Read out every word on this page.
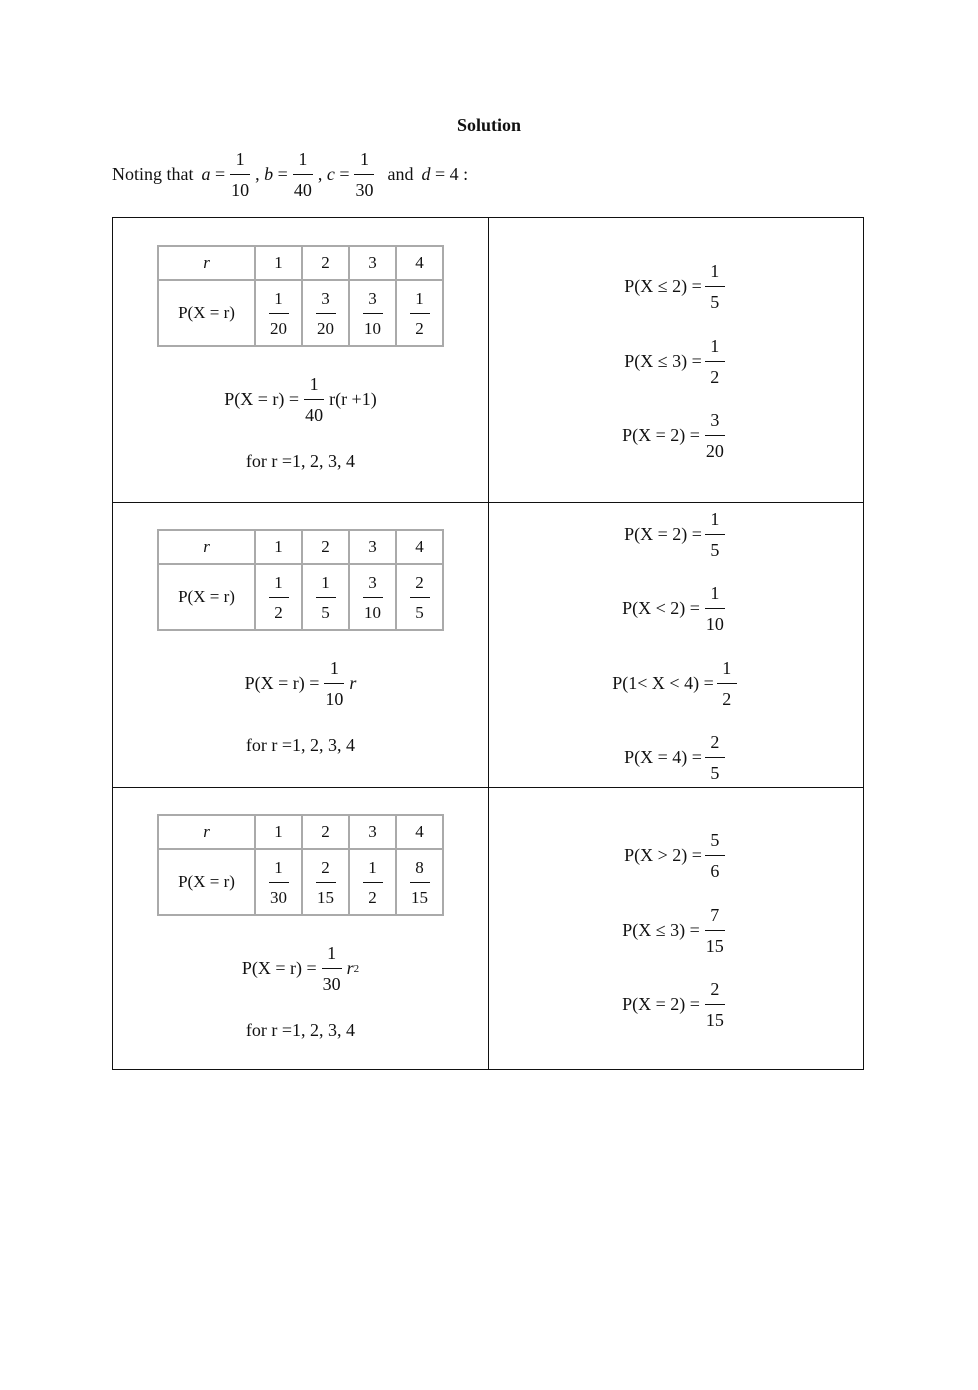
Solution
Noting that $a = \frac{1}{10}$ , $b = \frac{1}{40}$ , $c = \frac{1}{30}$ and d = 4 :
r	1	2	3	4
P(X = r)	$\frac{1}{20}$	$\frac{3}{20}$	$\frac{3}{10}$	$\frac{1}{2}$
$P(X = r) = \frac{1}{40} r(r +1)$
for r =1, 2, 3, 4
$P(X \le 2) = \frac{1}{5}$
$P(X \le 3) = \frac{1}{2}$
$P(X = 2) = \frac{3}{20}$
r	1	2	3	4
P(X = r)	$\frac{1}{2}$	$\frac{1}{5}$	$\frac{3}{10}$	$\frac{2}{5}$
$P(X = r) = \frac{1}{10}$ r
for r =1, 2, 3, 4
$P(X = 2) = \frac{1}{5}$
$P(X < 2) = \frac{1}{10}$
$P(1< X < 4) = \frac{1}{2}$
$P(X = 4) = \frac{2}{5}$
r	1	2	3	4
P(X = r)	$\frac{1}{30}$	$\frac{2}{15}$	$\frac{1}{2}$	$\frac{8}{15}$
$P(X = r) = \frac{1}{30}$ r 2
for r =1, 2, 3, 4
$P(X > 2) = \frac{5}{6}$
$P(X \le 3) = \frac{7}{15}$
$P(X = 2) = \frac{2}{15}$
